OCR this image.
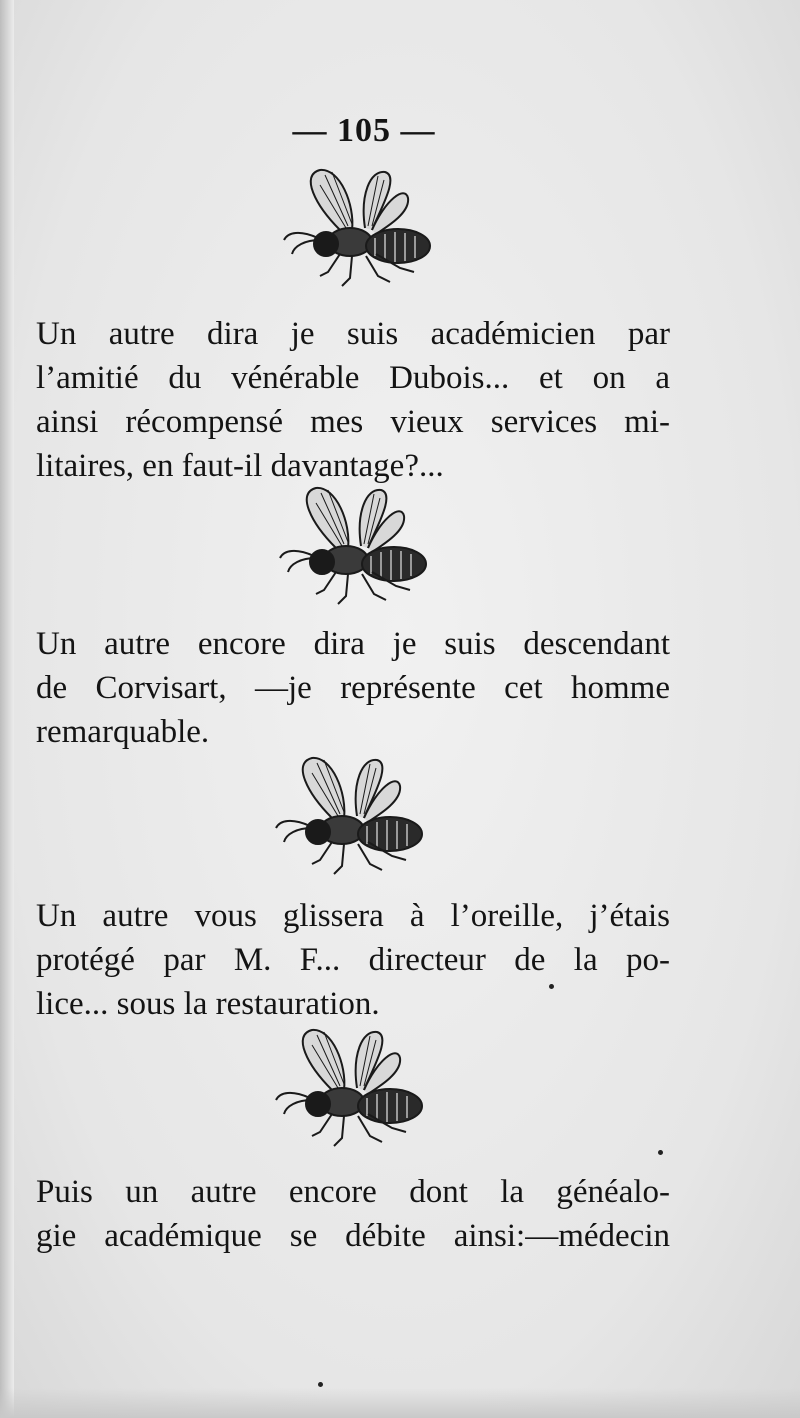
— 105 —
Un autre dira je suis académicien par
l’amitié du vénérable Dubois... et on a
ainsi récompensé mes vieux services mi-
litaires, en faut-il davantage?...
Un autre encore dira je suis descendant
de Corvisart, —je représente cet homme
remarquable.
Un autre vous glissera à l’oreille, j’étais
protégé par M. F... directeur de la po-
lice... sous la restauration.
Puis un autre encore dont la généalo-
gie académique se débite ainsi:—médecin
